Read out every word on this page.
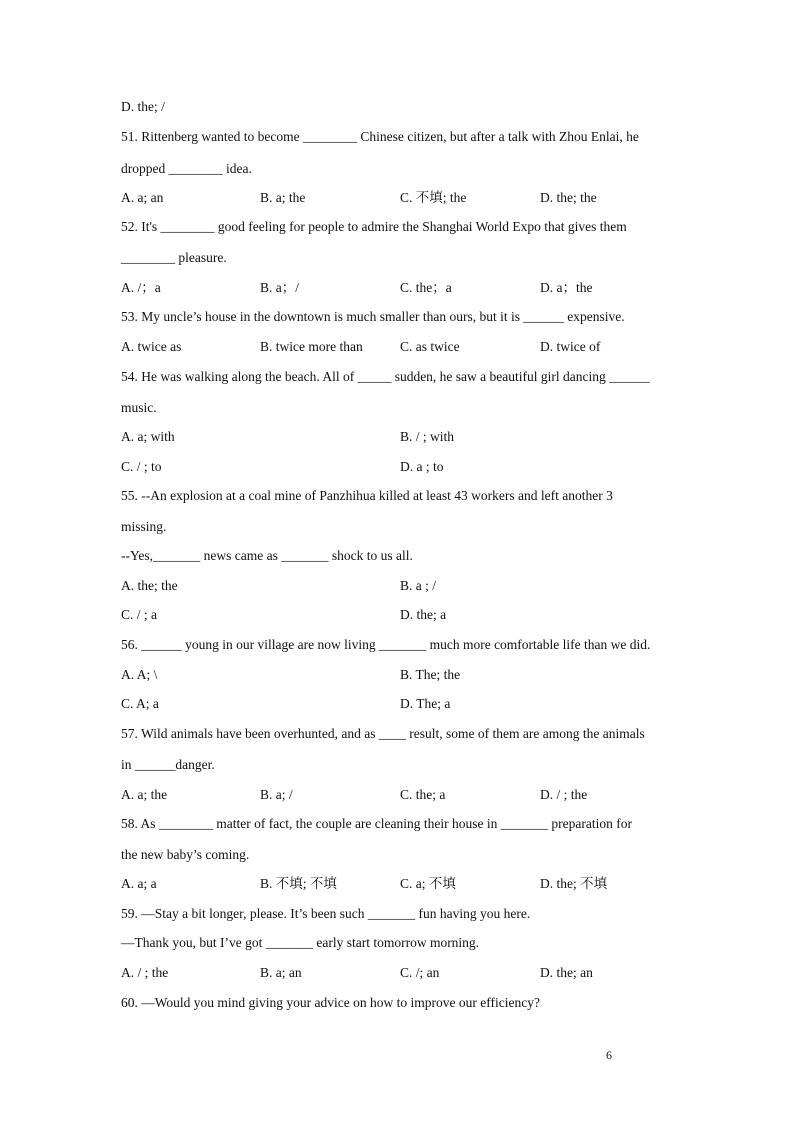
D. the; /
51. Rittenberg wanted to become ________ Chinese citizen, but after a talk with Zhou Enlai, he
dropped ________ idea.
A. a; an	B. a; the	C. 不填; the	D. the; the
52. It's ________ good feeling for people to admire the Shanghai World Expo that gives them
________ pleasure.
A. /；a	B. a；/	C. the；a	D. a；the
53. My uncle’s house in the downtown is much smaller than ours, but it is ______ expensive.
A. twice as	B. twice more than	C. as twice	D. twice of
54. He was walking along the beach. All of _____ sudden, he saw a beautiful girl dancing ______
music.
A. a; with	B. / ; with
C. / ; to	D. a ; to
55. --An explosion at a coal mine of Panzhihua killed at least 43 workers and left another 3
missing.
--Yes,_______ news came as _______ shock to us all.
A. the; the	B. a ; /
C. / ; a	D. the; a
56. ______ young in our village are now living _______ much more comfortable life than we did.
A. A; \	B. The; the
C. A; a	D. The; a
57. Wild animals have been overhunted, and as ____ result, some of them are among the animals
in ______danger.
A. a; the	B. a; /	C. the; a	D. / ; the
58. As ________ matter of fact, the couple are cleaning their house in _______ preparation for
the new baby’s coming.
A. a; a	B. 不填; 不填	C. a; 不填	D. the; 不填
59. —Stay a bit longer, please. It’s been such _______ fun having you here.
—Thank you, but I’ve got _______ early start tomorrow morning.
A. / ; the	B. a; an	C. /; an	D. the; an
60. —Would you mind giving your advice on how to improve our efficiency?
6
